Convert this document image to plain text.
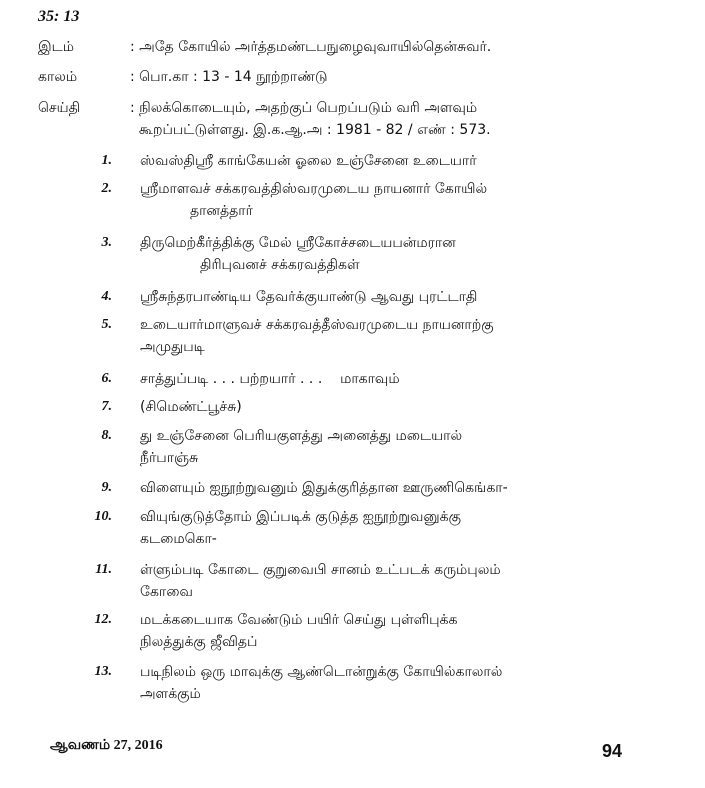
35: 13
இடம்	: அதே கோயில் அர்த்தமண்டபநுழைவுவாயில்தென்சுவர்.
காலம்	: பொ.கா : 13 - 14 நூற்றாண்டு
செய்தி	: நிலக்கொடையும், அதற்குப் பெறப்படும் வரி அளவும்
கூறப்பட்டுள்ளது. இ.க.ஆ.அ : 1981 - 82 / எண் : 573.
1.	ஸ்வஸ்திஸ்ரீ காங்கேயன் ஓலை உஞ்சேனை உடையார்
2.	ஸ்ரீமாளவச் சக்கரவத்திஸ்வரமுடைய நாயனார் கோயில்
தானத்தார்
3.	திருமெற்கீர்த்திக்கு மேல் ஸ்ரீகோச்சடையபன்மரான
திரிபுவனச் சக்கரவத்திகள்
4.	ஸ்ரீசுந்தரபாண்டிய தேவர்க்குயாண்டு ஆவது புரட்டாதி
5.	உடையார்மாளுவச் சக்கரவத்தீஸ்வரமுடைய நாயனாற்கு
அமுதுபடி
6.	சாத்துப்படி . . . பற்றயார் . . .    மாகாவும்
7.	(சிமெண்ட்பூச்சு)
8.	து உஞ்சேனை பெரியகுளத்து அனைத்து மடையால்
நீர்பாஞ்சு
9.	விளையும் ஐநூற்றுவனும் இதுக்குரித்தான ஊருணிகெங்கா-
10.	வியுங்குடுத்தோம் இப்படிக் குடுத்த ஐநூற்றுவனுக்கு
கடமைகொ-
11.	ள்ளும்படி கோடை குறுவைபி சானம் உட்படக் கரும்புலம்
கோவை
12.	மடக்கடையாக வேண்டும் பயிர் செய்து புள்ளிபுக்க
நிலத்துக்கு ஜீவிதப்
13.	படிநிலம் ஒரு மாவுக்கு ஆண்டொன்றுக்கு கோயில்காலால்
அளக்கும்
ஆவணம் 27, 2016	94
